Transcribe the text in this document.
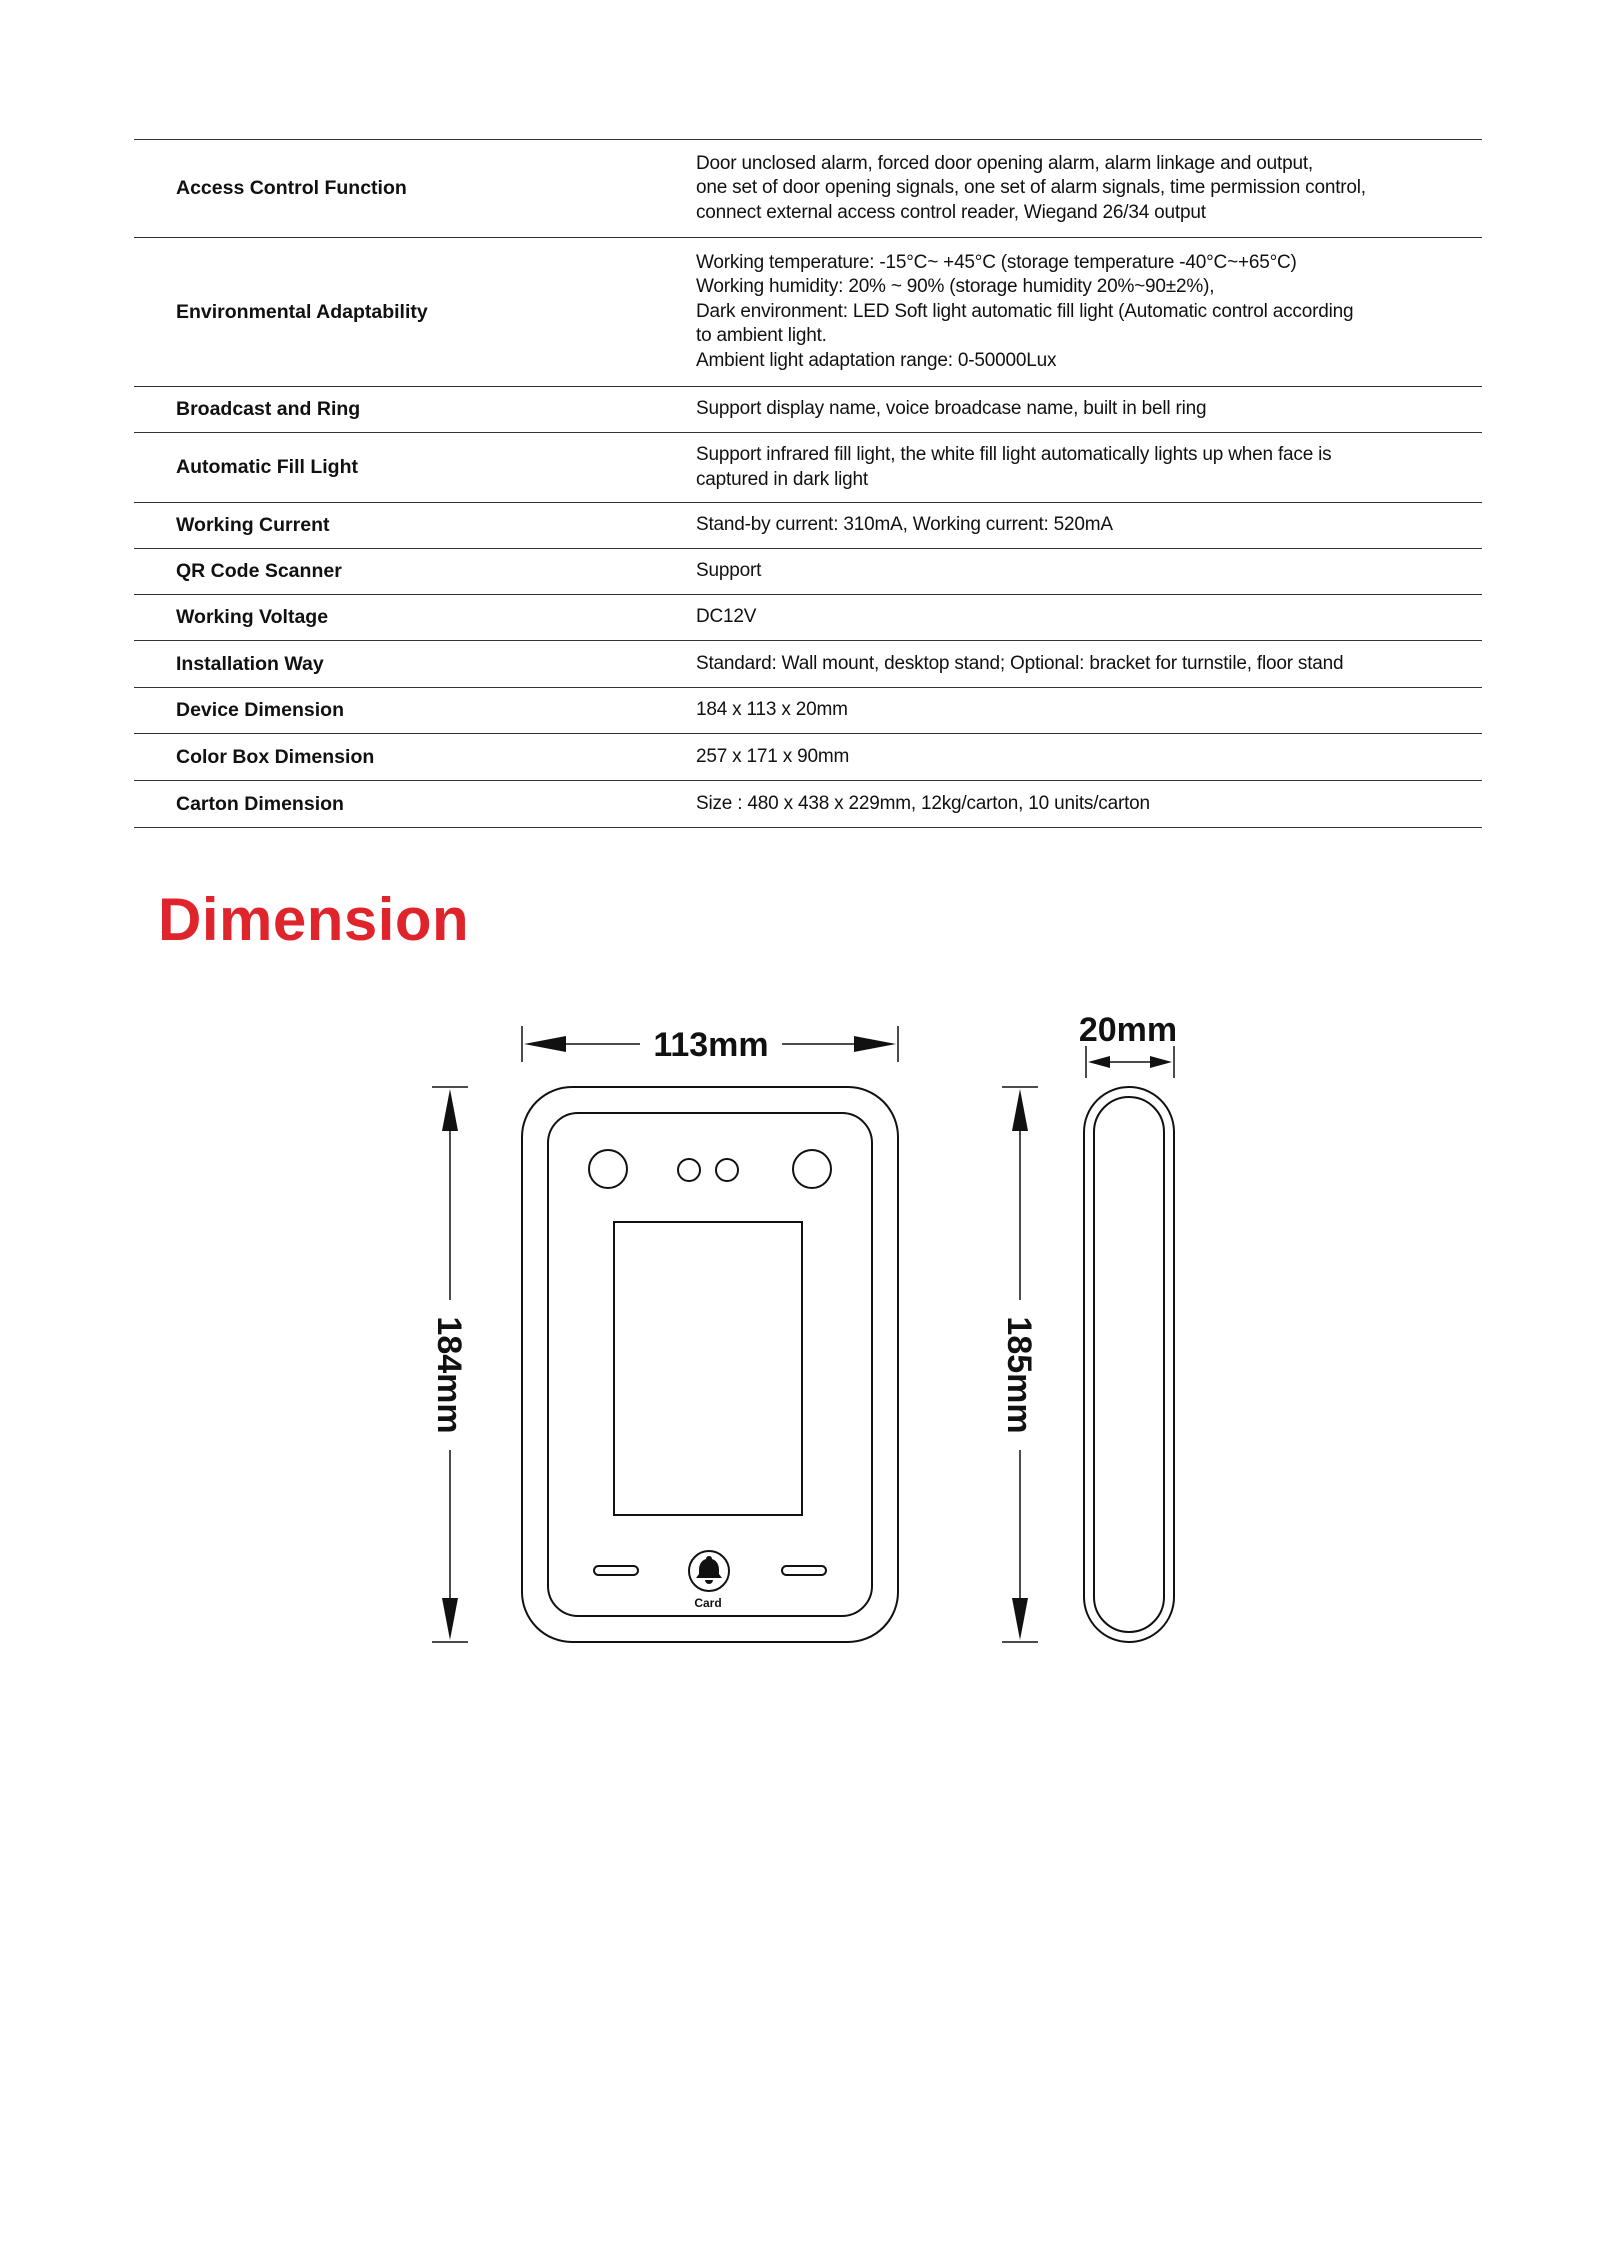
Access Control Function	Door unclosed alarm, forced door opening alarm, alarm linkage and output,
one set of door opening signals, one set of alarm signals, time permission control,
connect external access control reader, Wiegand 26/34 output
Environmental Adaptability	Working temperature: -15°C~ +45°C (storage temperature -40°C~+65°C)
Working humidity: 20% ~ 90% (storage humidity 20%~90±2%),
Dark environment: LED Soft light automatic fill light (Automatic control according
to ambient light.
Ambient light adaptation range: 0-50000Lux
Broadcast and Ring	Support display name, voice broadcase name, built in bell ring
Automatic Fill Light	Support infrared fill light, the white fill light automatically lights up when face is
captured in dark light
Working Current	Stand-by current: 310mA, Working current: 520mA
QR Code Scanner	Support
Working Voltage	DC12V
Installation Way	Standard: Wall mount, desktop stand; Optional: bracket for turnstile, floor stand
Device Dimension	184 x 113 x 20mm
Color Box Dimension	257 x 171 x 90mm
Carton Dimension	Size : 480 x 438 x 229mm, 12kg/carton, 10 units/carton
Dimension
113mm
184mm
Card
20mm
185mm
